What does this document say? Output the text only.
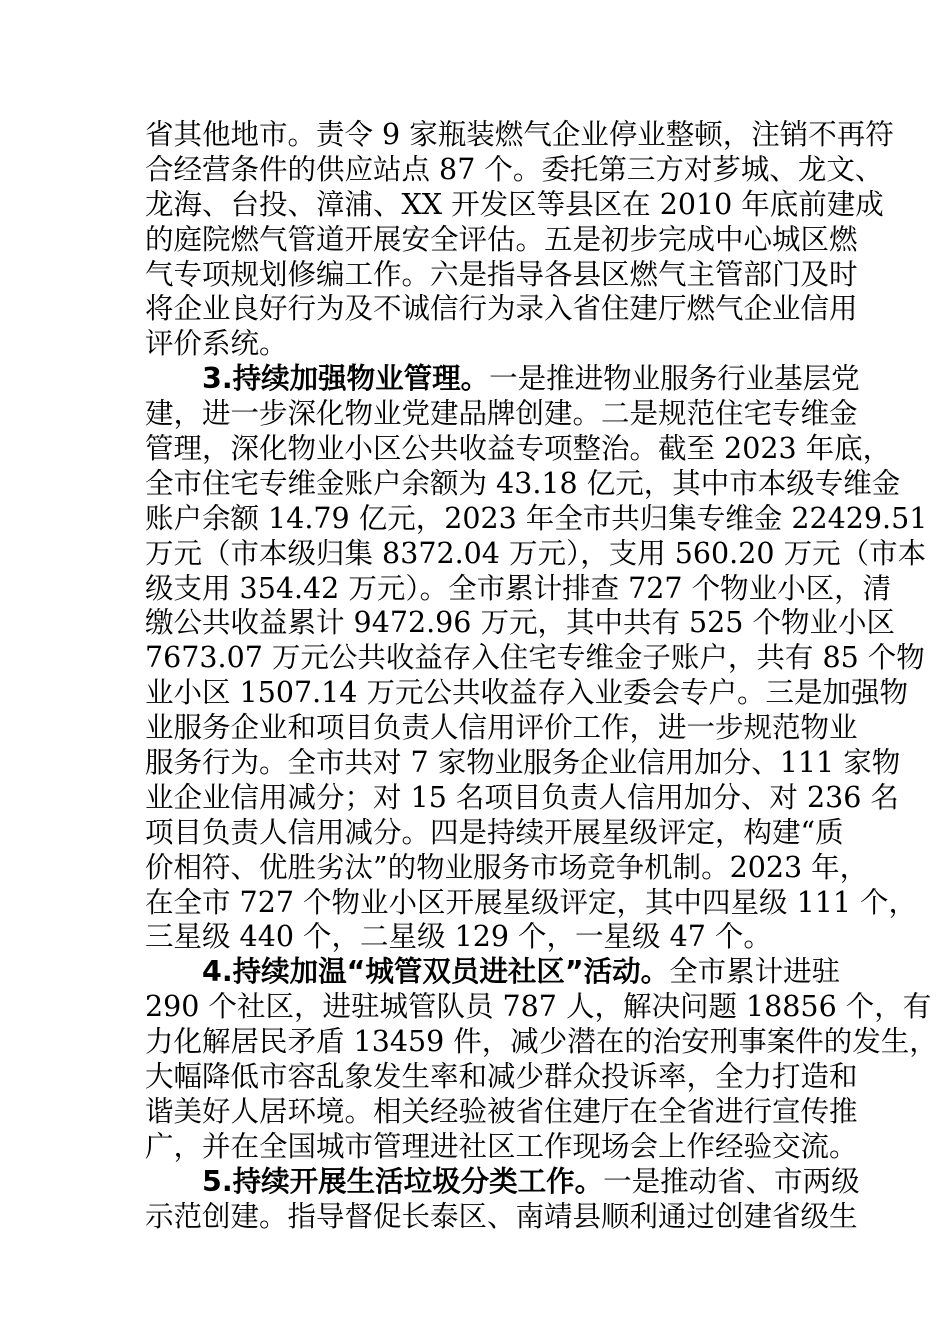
省其他地市。责令 9 家瓶装燃气企业停业整顿，注销不再符
合经营条件的供应站点 87 个。委托第三方对芗城、龙文、
龙海、台投、漳浦、XX 开发区等县区在 2010 年底前建成
的庭院燃气管道开展安全评估。五是初步完成中心城区燃
气专项规划修编工作。六是指导各县区燃气主管部门及时
将企业良好行为及不诚信行为录入省住建厅燃气企业信用
评价系统。
3.持续加强物业管理。一是推进物业服务行业基层党
建，进一步深化物业党建品牌创建。二是规范住宅专维金
管理，深化物业小区公共收益专项整治。截至 2023 年底，
全市住宅专维金账户余额为 43.18 亿元，其中市本级专维金
账户余额 14.79 亿元，2023 年全市共归集专维金 22429.51
万元（市本级归集 8372.04 万元），支用 560.20 万元（市本
级支用 354.42 万元）。全市累计排查 727 个物业小区，清
缴公共收益累计 9472.96 万元，其中共有 525 个物业小区
7673.07 万元公共收益存入住宅专维金子账户，共有 85 个物
业小区 1507.14 万元公共收益存入业委会专户。三是加强物
业服务企业和项目负责人信用评价工作，进一步规范物业
服务行为。全市共对 7 家物业服务企业信用加分、111 家物
业企业信用减分；对 15 名项目负责人信用加分、对 236 名
项目负责人信用减分。四是持续开展星级评定，构建“质
价相符、优胜劣汰”的物业服务市场竞争机制。2023 年，
在全市 727 个物业小区开展星级评定，其中四星级 111 个，
三星级 440 个，二星级 129 个，一星级 47 个。
4.持续加温“城管双员进社区”活动。全市累计进驻
290 个社区，进驻城管队员 787 人，解决问题 18856 个，有
力化解居民矛盾 13459 件，减少潜在的治安刑事案件的发生，
大幅降低市容乱象发生率和减少群众投诉率，全力打造和
谐美好人居环境。相关经验被省住建厅在全省进行宣传推
广，并在全国城市管理进社区工作现场会上作经验交流。
5.持续开展生活垃圾分类工作。一是推动省、市两级
示范创建。指导督促长泰区、南靖县顺利通过创建省级生
